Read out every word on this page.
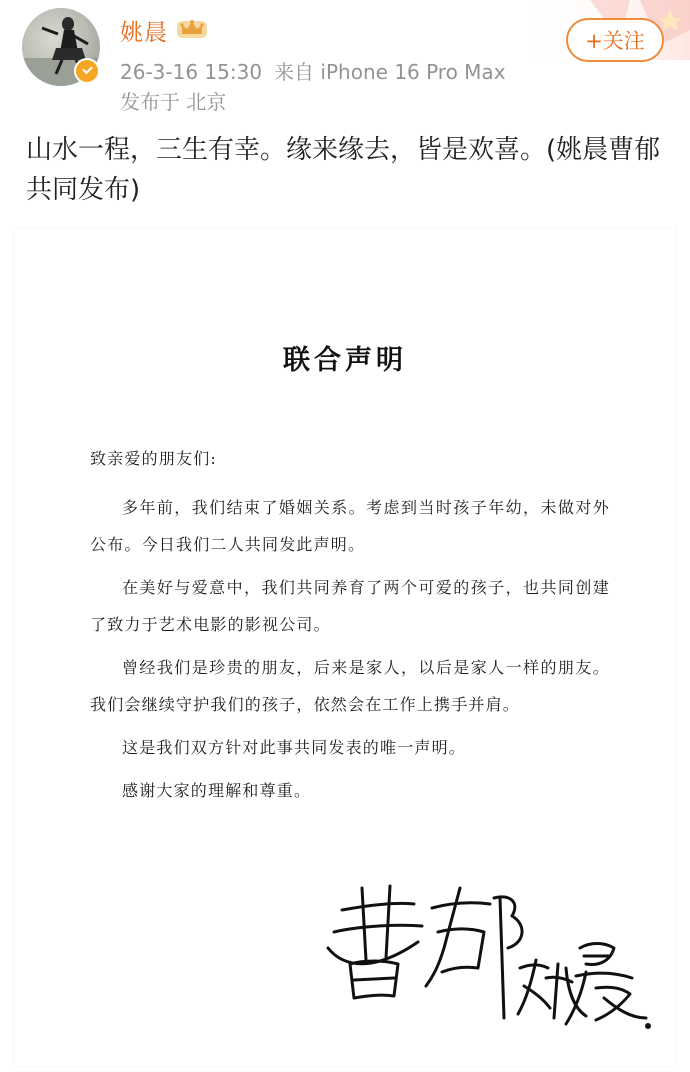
姚晨
26-3-16 15:30 来自 iPhone 16 Pro Max
发布于 北京
+关注
山水一程，三生有幸。缘来缘去，皆是欢喜。(姚晨曹郁共同发布)
联合声明

致亲爱的朋友们:

多年前，我们结束了婚姻关系。考虑到当时孩子年幼，未做对外公布。今日我们二人共同发此声明。

在美好与爱意中，我们共同养育了两个可爱的孩子，也共同创建了致力于艺术电影的影视公司。

曾经我们是珍贵的朋友，后来是家人，以后是家人一样的朋友。我们会继续守护我们的孩子，依然会在工作上携手并肩。

这是我们双方针对此事共同发表的唯一声明。

感谢大家的理解和尊重。
